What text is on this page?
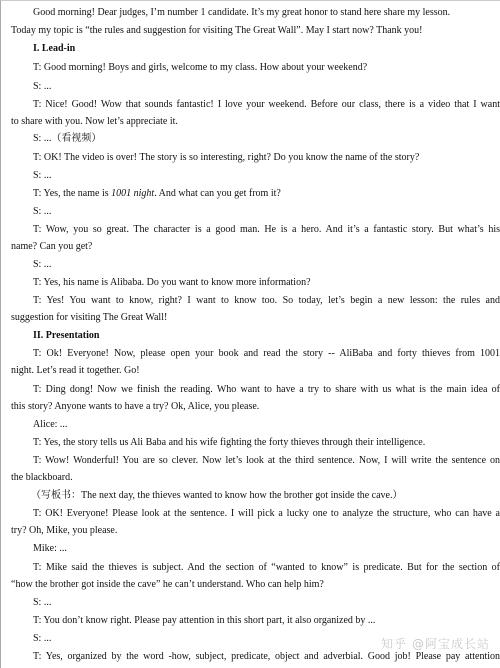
Good morning! Dear judges, I’m number 1 candidate. It’s my great honor to stand here share my lesson.
Today my topic is “the rules and suggestion for visiting The Great Wall”. May I start now? Thank you!
I. Lead-in
T: Good morning! Boys and girls, welcome to my class. How about your weekend?
S: ...
T: Nice! Good! Wow that sounds fantastic! I love your weekend. Before our class, there is a video that I want
to share with you. Now let’s appreciate it.
S: ...（看视频）
T: OK! The video is over! The story is so interesting, right? Do you know the name of the story?
S: ...
T: Yes, the name is 1001 night. And what can you get from it?
S: ...
T: Wow, you so great. The character is a good man. He is a hero. And it’s a fantastic story. But what’s his
name? Can you get?
S: ...
T: Yes, his name is Alibaba. Do you want to know more information?
T: Yes! You want to know, right? I want to know too. So today, let’s begin a new lesson: the rules and
suggestion for visiting The Great Wall!
II. Presentation
T: Ok! Everyone! Now, please open your book and read the story -- AliBaba and forty thieves from 1001
night. Let’s read it together. Go!
T: Ding dong! Now we finish the reading. Who want to have a try to share with us what is the main idea of
this story? Anyone wants to have a try? Ok, Alice, you please.
Alice: ...
T: Yes, the story tells us Ali Baba and his wife fighting the forty thieves through their intelligence.
T: Wow! Wonderful! You are so clever. Now let’s look at the third sentence. Now, I will write the sentence on
the blackboard.
（写板书：The next day, the thieves wanted to know how the brother got inside the cave.）
T: OK! Everyone! Please look at the sentence. I will pick a lucky one to analyze the structure, who can have a
try? Oh, Mike, you please.
Mike: ...
T: Mike said the thieves is subject. And the section of “wanted to know” is predicate. But for the section of
“how the brother got inside the cave” he can’t understand. Who can help him?
S: ...
T: You don’t know right. Please pay attention in this short part, it also organized by ...
S: ...
T: Yes, organized by the word -how, subject, predicate, object and adverbial. Good job! Please pay attention
知乎 @阿宝成长站
